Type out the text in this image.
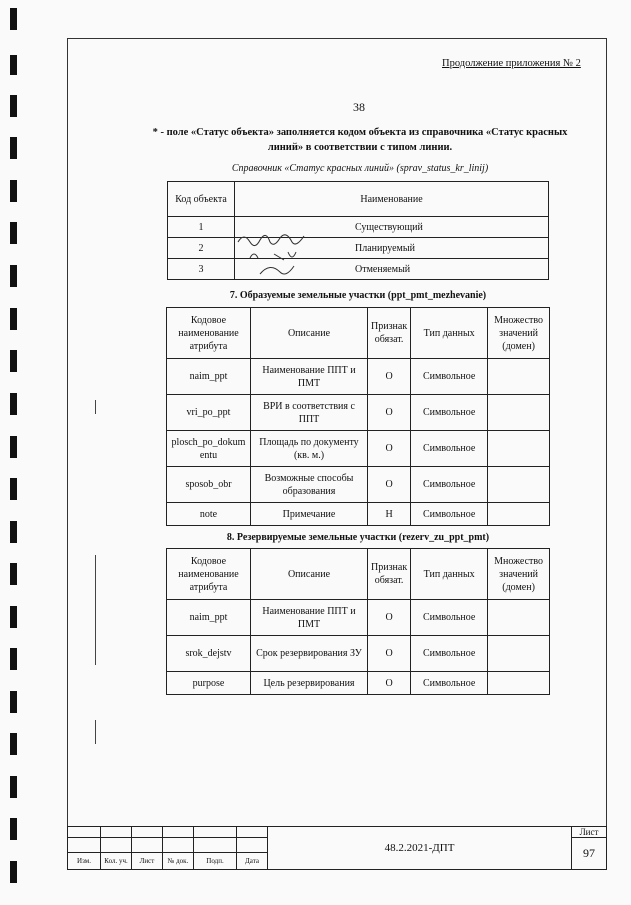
Продолжение приложения № 2
38
* - поле «Статус объекта» заполняется кодом объекта из справочника «Статус красных линий» в соответствии с типом линии.
Справочник «Статус красных линий» (sprav_status_kr_linij)
Код объекта	Наименование
1	Существующий
2	Планируемый
3	Отменяемый
7. Образуемые земельные участки (ppt_pmt_mezhevanie)
Кодовое наименование атрибута	Описание	Признак обязат.	Тип данных	Множество значений (домен)
naim_ppt	Наименование ППТ и ПМТ	О	Символьное	
vri_po_ppt	ВРИ в соответствия с ППТ	О	Символьное	
plosch_po_dokumentu	Площадь по документу (кв. м.)	О	Символьное	
sposob_obr	Возможные способы образования	О	Символьное	
note	Примечание	Н	Символьное	
8. Резервируемые земельные участки (rezerv_zu_ppt_pmt)
Кодовое наименование атрибута	Описание	Признак обязат.	Тип данных	Множество значений (домен)
naim_ppt	Наименование ППТ и ПМТ	О	Символьное	
srok_dejstv	Срок резервирования ЗУ	О	Символьное	
purpose	Цель резервирования	О	Символьное	
						48.2.2021-ДПТ	Лист
							97
Изм.	Кол. уч.	Лист	№ док.	Подп.	Дата		
